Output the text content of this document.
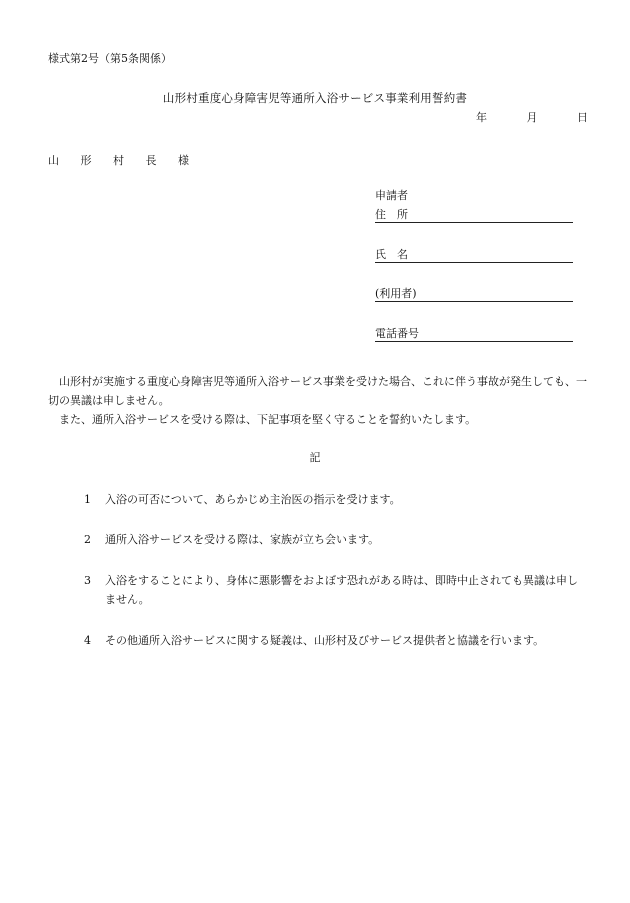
様式第2号（第5条関係）
山形村重度心身障害児等通所入浴サービス事業利用誓約書
年	月	日
山 形 村 長 様
申請者
住　所
氏　名
(利用者)
電話番号

山形村が実施する重度心身障害児等通所入浴サービス事業を受けた場合、これに伴う事故が発生しても、一切の異議は申しません。

また、通所入浴サービスを受ける際は、下記事項を堅く守ることを誓約いたします。

記
1 入浴の可否について、あらかじめ主治医の指示を受けます。
2 通所入浴サービスを受ける際は、家族が立ち会います。
3 入浴をすることにより、身体に悪影響をおよぼす恐れがある時は、即時中止されても異議は申しません。
4 その他通所入浴サービスに関する疑義は、山形村及びサービス提供者と協議を行います。
